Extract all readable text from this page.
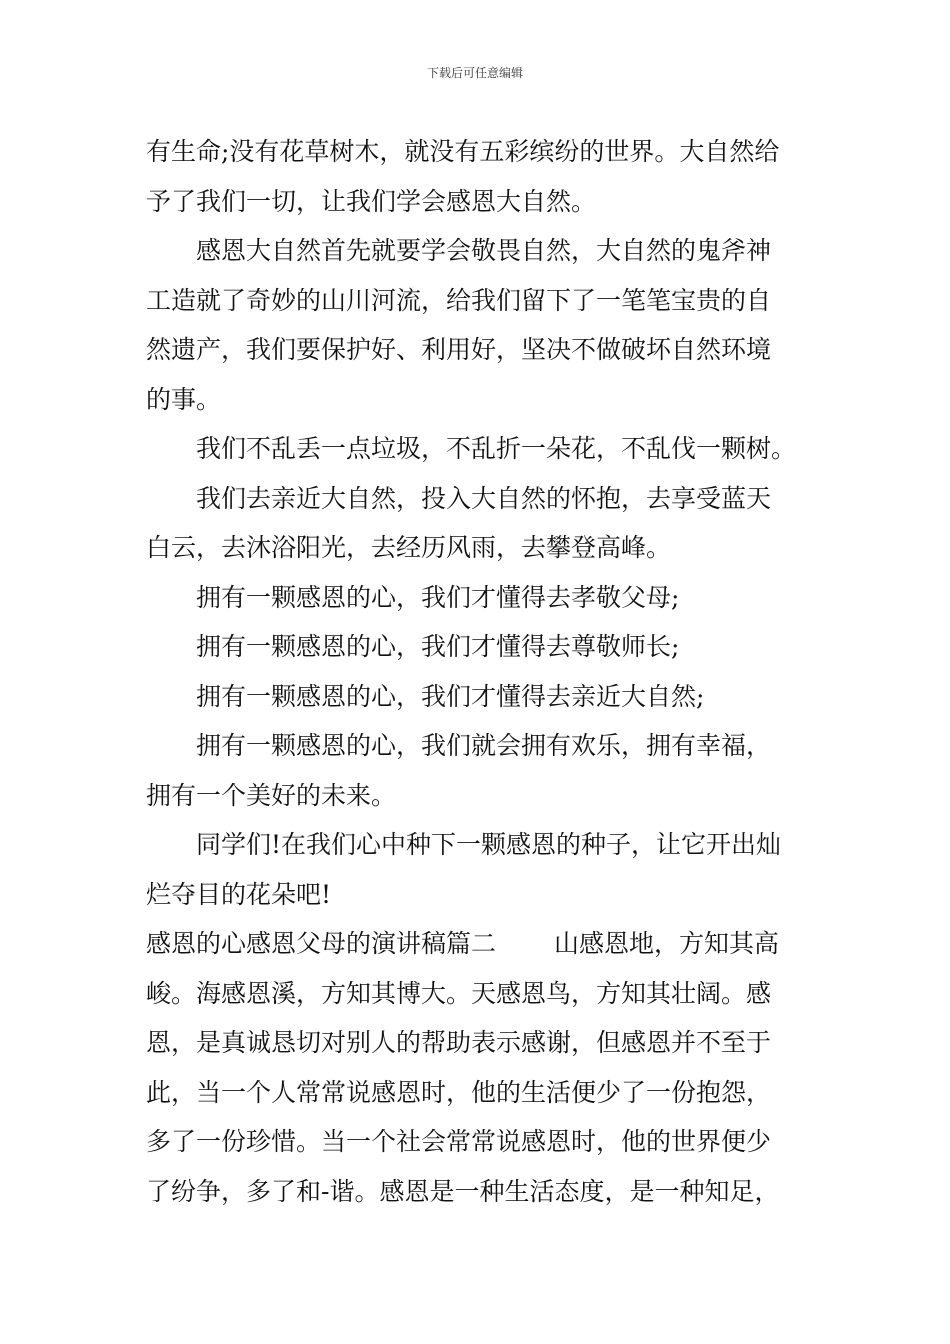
下载后可任意编辑

有生命;没有花草树木，就没有五彩缤纷的世界。大自然给

予了我们一切，让我们学会感恩大自然。

感恩大自然首先就要学会敬畏自然，大自然的鬼斧神

工造就了奇妙的山川河流，给我们留下了一笔笔宝贵的自

然遗产，我们要保护好、利用好，坚决不做破坏自然环境

的事。

我们不乱丢一点垃圾，不乱折一朵花，不乱伐一颗树。

我们去亲近大自然，投入大自然的怀抱，去享受蓝天

白云，去沐浴阳光，去经历风雨，去攀登高峰。

拥有一颗感恩的心，我们才懂得去孝敬父母;

拥有一颗感恩的心，我们才懂得去尊敬师长;

拥有一颗感恩的心，我们才懂得去亲近大自然;

拥有一颗感恩的心，我们就会拥有欢乐，拥有幸福，

拥有一个美好的未来。

同学们!在我们心中种下一颗感恩的种子，让它开出灿

烂夺目的花朵吧!

感恩的心感恩父母的演讲稿篇二　　 山感恩地，方知其高

峻。海感恩溪，方知其博大。天感恩鸟，方知其壮阔。感

恩，是真诚恳切对别人的帮助表示感谢，但感恩并不至于

此，当一个人常常说感恩时，他的生活便少了一份抱怨，

多了一份珍惜。当一个社会常常说感恩时，他的世界便少

了纷争，多了和-谐。感恩是一种生活态度，是一种知足，
